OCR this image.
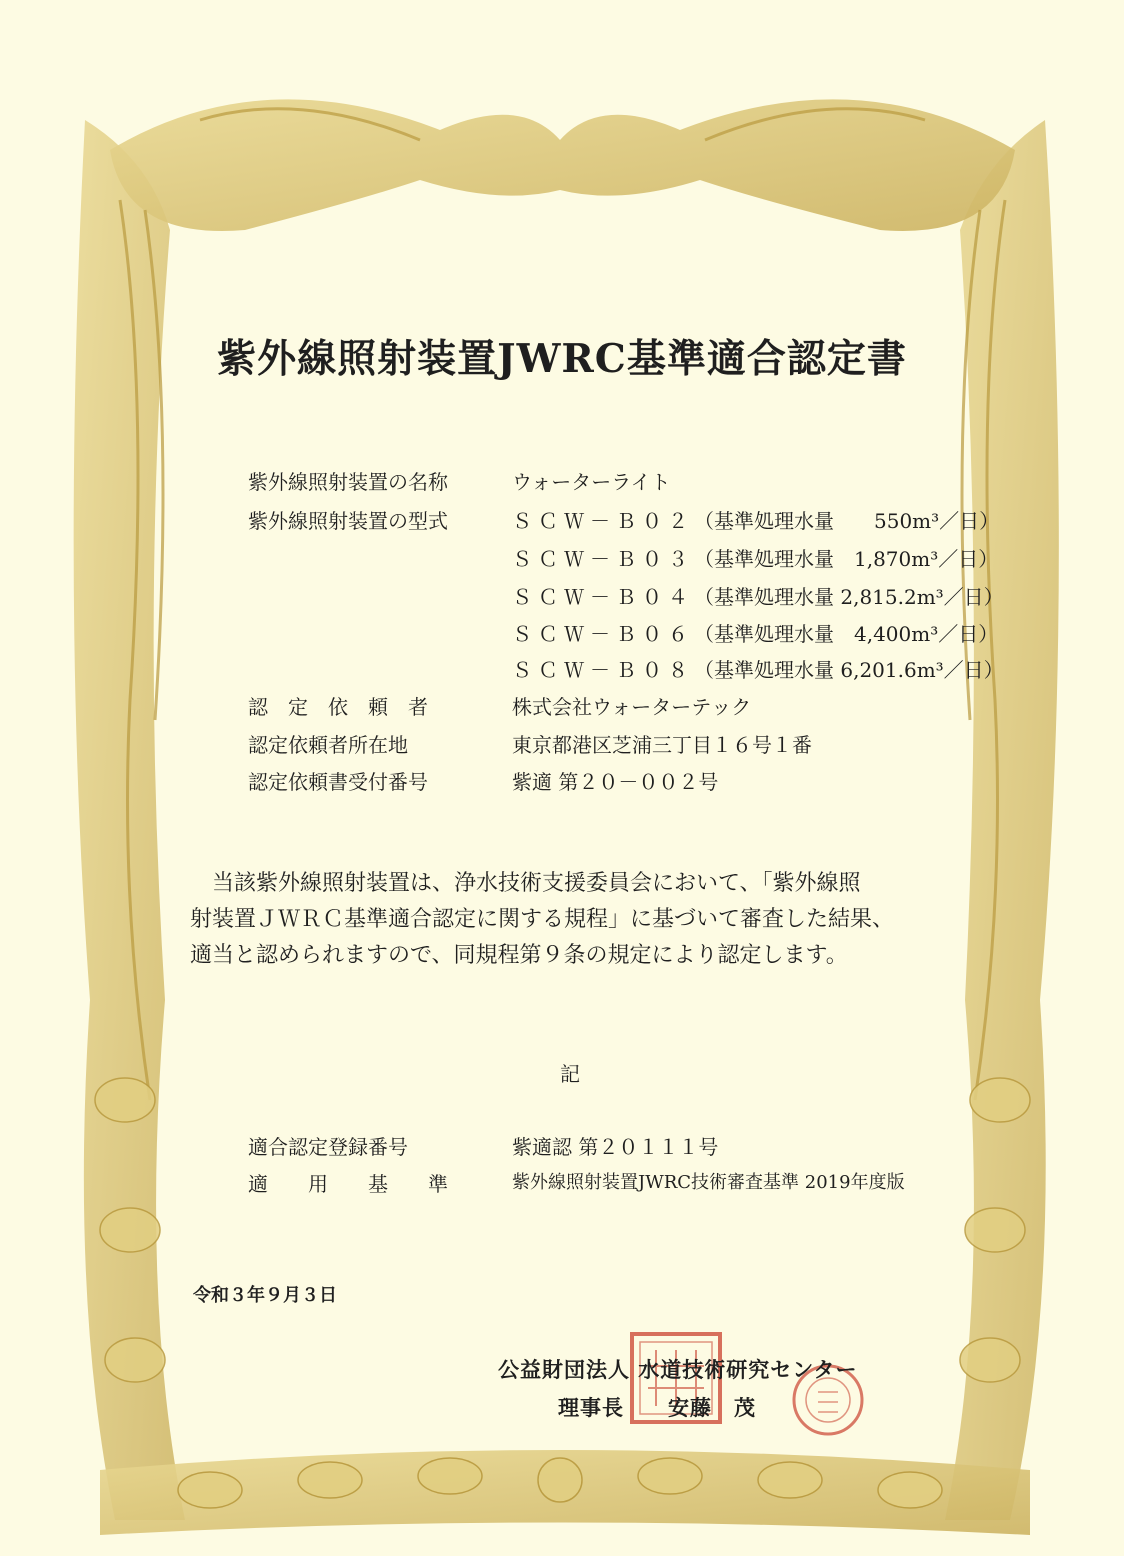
紫外線照射装置JWRC基準適合認定書
紫外線照射装置の名称	ウォーターライト
紫外線照射装置の型式	ＳＣＷ－Ｂ０２（基準処理水量　　550m³／日）
ＳＣＷ－Ｂ０３（基準処理水量　1,870m³／日）
ＳＣＷ－Ｂ０４（基準処理水量 2,815.2m³／日）
ＳＣＷ－Ｂ０６（基準処理水量　4,400m³／日）
ＳＣＷ－Ｂ０８（基準処理水量 6,201.6m³／日）
認　定　依　頼　者	株式会社ウォーターテック
認定依頼者所在地	東京都港区芝浦三丁目１６号１番
認定依頼書受付番号	紫適 第２０－００２号
　当該紫外線照射装置は、浄水技術支援委員会において、「紫外線照
射装置ＪＷＲＣ基準適合認定に関する規程」に基づいて審査した結果、
適当と認められますので、同規程第９条の規定により認定します。
記
適合認定登録番号	紫適認 第２０１１１号
適　　用　　基　　準	紫外線照射装置JWRC技術審査基準 2019年度版
令和３年９月３日
公益財団法人 水道技術研究センター
理事長　　安藤　茂
